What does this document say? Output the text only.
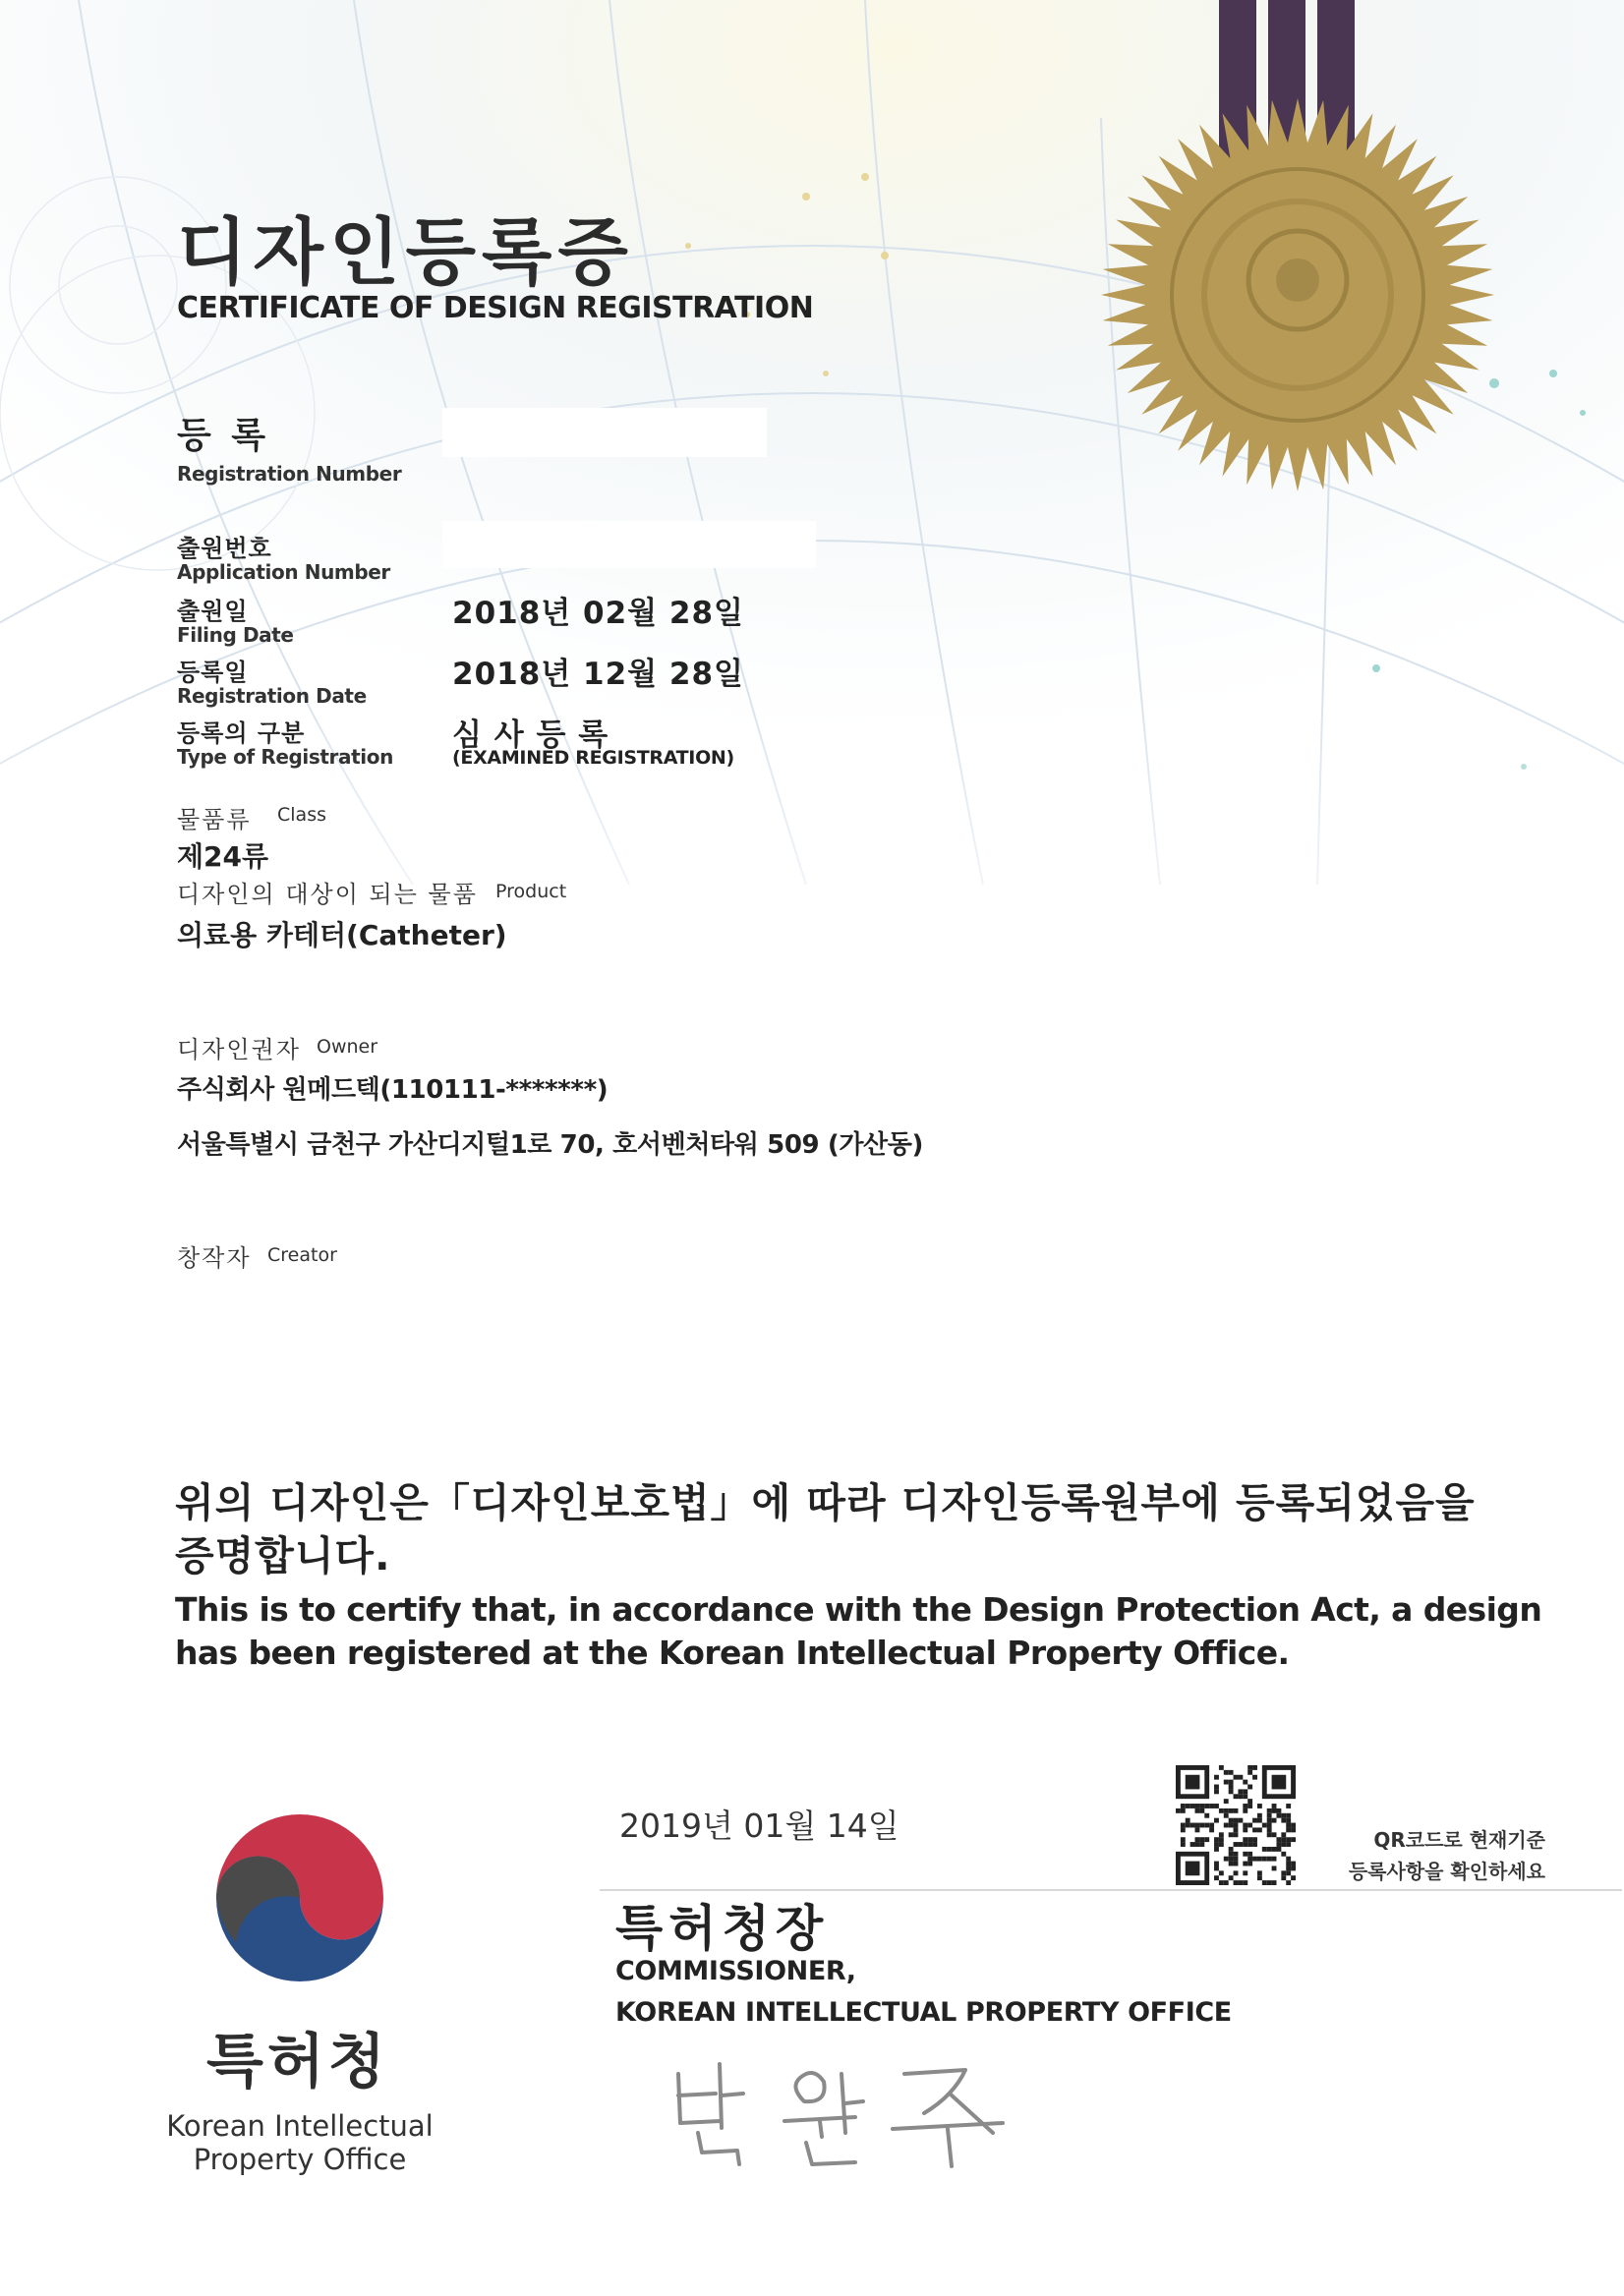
디자인등록증
CERTIFICATE OF DESIGN REGISTRATION
등 록
Registration Number
출원번호
Application Number
출원일
Filing Date
2018년 02월 28일
등록일
Registration Date
2018년 12월 28일
등록의 구분
Type of Registration
심 사 등 록
(EXAMINED REGISTRATION)
물품류 Class
제24류
디자인의 대상이 되는 물품 Product
의료용 카테터(Catheter)
디자인권자 Owner
주식회사 원메드텍(110111-*******)
서울특별시 금천구 가산디지털1로 70, 호서벤처타워 509 (가산동)
창작자 Creator
위의 디자인은「디자인보호법」에 따라 디자인등록원부에 등록되었음을
증명합니다.
This is to certify that, in accordance with the Design Protection Act, a design
has been registered at the Korean Intellectual Property Office.
2019년 01월 14일	QR코드로 현재기준
등록사항을 확인하세요
특허청장
COMMISSIONER,
KOREAN INTELLECTUAL PROPERTY OFFICE
특허청
Korean Intellectual
Property Office
